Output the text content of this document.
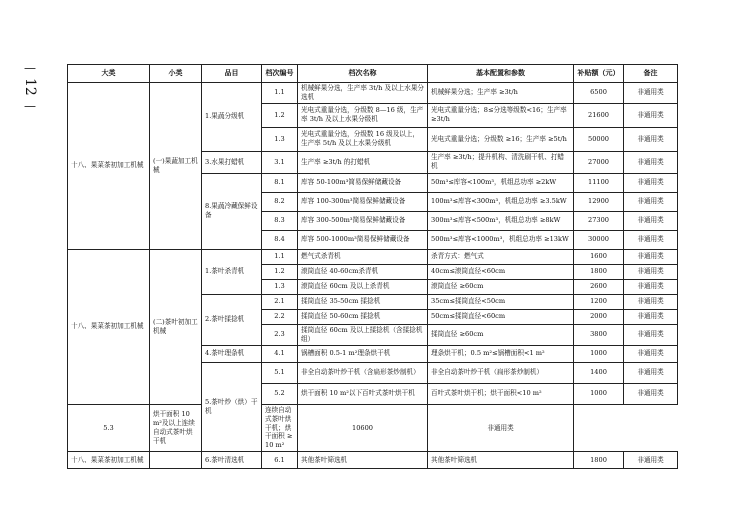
—
12
—
大类	小类	品目	档次编号	档次名称	基本配置和参数	补贴额（元）	备注
十八、果菜茶初加工机械	(一)果蔬加工机械	1.果蔬分级机	1.1	机械鲜果分选，生产率 3t/h 及以上水果分选机	机械鲜果分选；生产率 ≥3t/h	6500	非通用类
			1.2	光电式重量分选，分级数 8—16 级，生产率 3t/h 及以上水果分级机	光电式重量分选；8≤分选等级数<16；生产率 ≥3t/h	21600	非通用类
			1.3	光电式重量分选，分级数 16 级及以上，生产率 5t/h 及以上水果分级机	光电式重量分选；分级数 ≥16；生产率 ≥5t/h	50000	非通用类
		3.水果打蜡机	3.1	生产率 ≥3t/h 的打蜡机	生产率 ≥3t/h；提升机构、清洗刷干机、打蜡机	27000	非通用类
		8.果蔬冷藏保鲜设备	8.1	库容 50-100m³简易保鲜储藏设备	50m³≤库容<100m³，机组总功率 ≥2kW	11100	非通用类
			8.2	库容 100-300m³简易保鲜储藏设备	100m³≤库容<300m³，机组总功率 ≥3.5kW	12900	非通用类
			8.3	库容 300-500m³简易保鲜储藏设备	300m³≤库容<500m³，机组总功率 ≥8kW	27300	非通用类
			8.4	库容 500-1000m³简易保鲜储藏设备	500m³≤库容<1000m³，机组总功率 ≥13kW	30000	非通用类
十八、果菜茶初加工机械	(二)茶叶初加工机械	1.茶叶杀青机	1.1	燃气式杀青机	杀青方式：燃气式	1600	非通用类
			1.2	滚筒直径 40-60cm杀青机	40cm≤滚筒直径<60cm	1800	非通用类
			1.3	滚筒直径 60cm 及以上杀青机	滚筒直径 ≥60cm	2600	非通用类
		2.茶叶揉捻机	2.1	揉筒直径 35-50cm 揉捻机	35cm≤揉筒直径<50cm	1200	非通用类
			2.2	揉筒直径 50-60cm 揉捻机	50cm≤揉筒直径<60cm	2000	非通用类
			2.3	揉筒直径 60cm 及以上揉捻机（含揉捻机组）	揉筒直径 ≥60cm	3800	非通用类
		4.茶叶理条机	4.1	锅槽面积 0.5-1 m²理条烘干机	理条烘干机；0.5 m²≤锅槽面积<1 m²	1000	非通用类
		5.茶叶炒（烘）干机	5.1	非全自动茶叶炒干机（含扁形茶炒制机）	非全自动茶叶炒干机（扁形茶炒制机）	1400	非通用类
			5.2	烘干面积 10 m²以下百叶式茶叶烘干机	百叶式茶叶烘干机；烘干面积<10 m²	1000	非通用类
5.3	烘干面积 10 m²及以上连续自动式茶叶烘干机		连续自动式茶叶烘干机；烘干面积 ≥10 m²	10600	非通用类		
十八、果菜茶初加工机械		6.茶叶清选机	6.1	其他茶叶筛选机	其他茶叶筛选机	1800	非通用类
